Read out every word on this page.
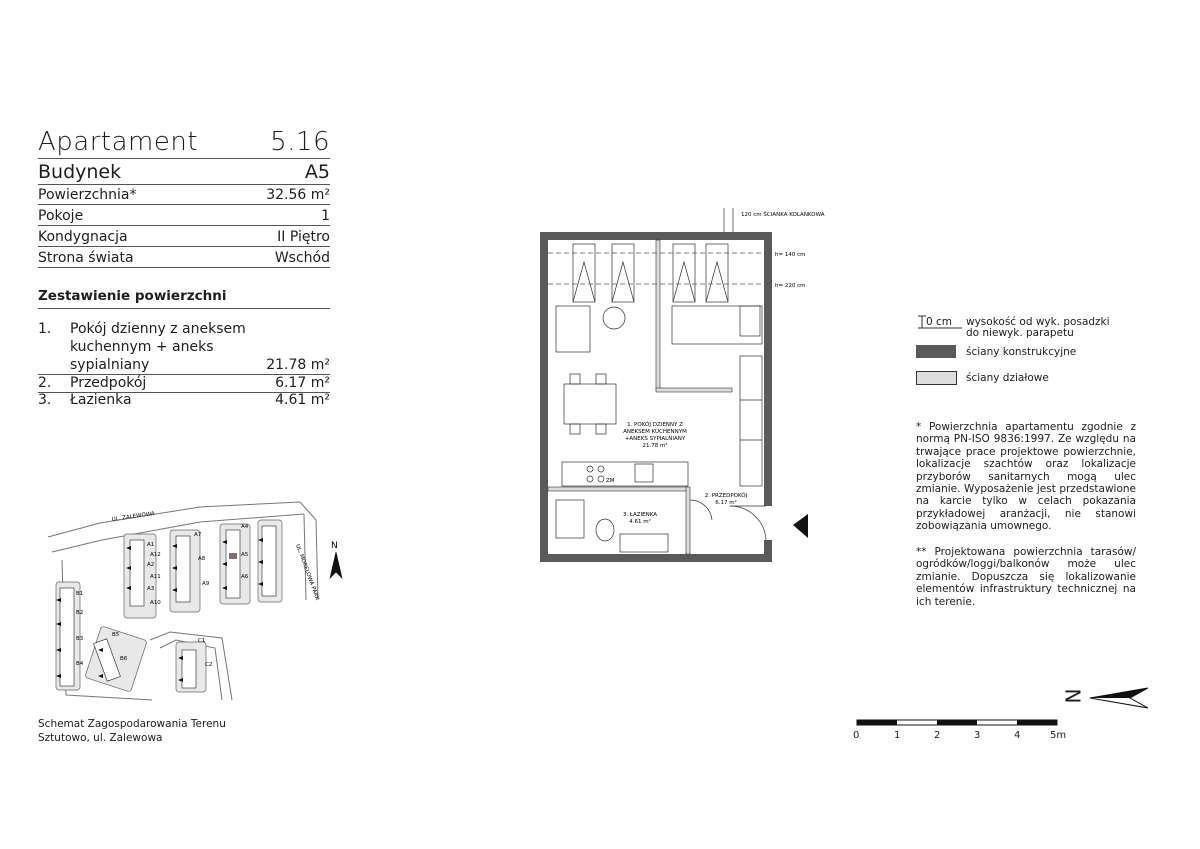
Apartament	5.16
Budynek	A5
Powierzchnia*	32.56 m²
Pokoje	1
Kondygnacja	II Piętro
Strona świata	Wschód
Zestawienie powierzchni
1. Pokój dzienny z aneksem
kuchennym + aneks
sypialniany	21.78 m²
2. Przedpokój	6.17 m²
3. Łazienka	4.61 m²
120 cm ŚCIANKA KOLANKOWA
h= 140 cm
h= 220 cm
1. POKÓJ DZIENNY Z
ANEKSEM KUCHENNYM
+ANEKS SYPIALNIANY
21.78 m²
2. PRZEDPOKÓJ
6.17 m²
3. ŁAZIENKA
4.61 m²
ZM
0 cm wysokość od wyk. posadzki
do niewyk. parapetu
ściany konstrukcyjne
ściany działowe
* Powierzchnia apartamentu zgodnie z normą PN-ISO 9836:1997. Ze względu na trwające prace projektowe powierzchnie, lokalizacje szachtów oraz lokalizacje przyborów sanitarnych mogą ulec zmianie. Wyposażenie jest przedstawione na karcie tylko w celach pokazania przykładowej aranżacji, nie stanowi zobowiązania umownego.
** Projektowana powierzchnia tarasów/ ogródków/loggi/balkonów może ulec zmianie. Dopuszcza się lokalizowanie elementów infrastruktury technicznej na ich terenie.
N
0	1	2	3	4	5m
UL. ZALEWOWA
UL. MORELOWA PARK
A1
A2
A3
A4
A5
A6
A7
A8
A9
A10
A11
A12
B1
B2
B3
B4
B5
B6
C1
C2
N
Schemat Zagospodarowania Terenu
Sztutowo, ul. Zalewowa
